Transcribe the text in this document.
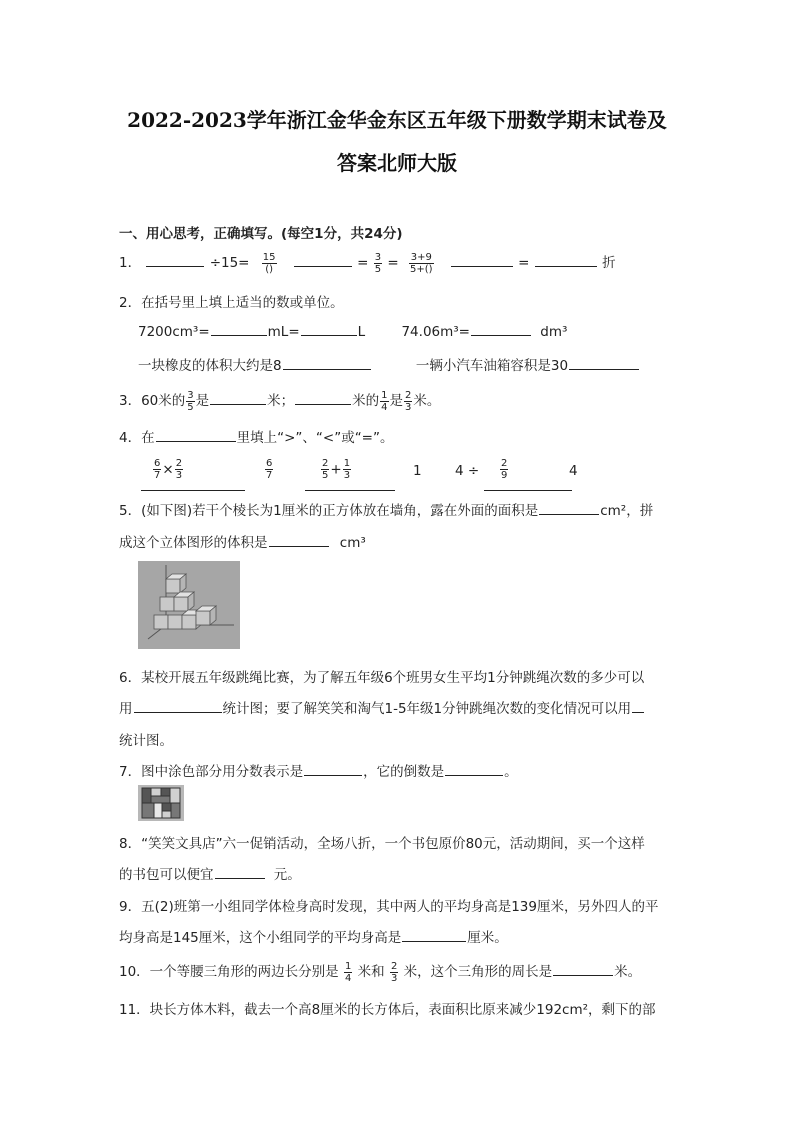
2022-2023学年浙江金华金东区五年级下册数学期末试卷及
答案北师大版
一、用心思考，正确填写。(每空1分，共24分)
1．	$\div 15= \frac{15}{()}$	= $\frac{3}{5} = \frac{3+9}{5+()}$	=	折
2．在括号里上填上适当的数或单位。
7200cm³=	mL=	L	74.06m³=	dm³
一块橡皮的体积大约是8	一辆小汽车油箱容积是30
3．60米的 $\frac{3}{5}$ 是	米；	米的 $\frac{1}{4}$ 是 $\frac{2}{3}$ 米。
4．在	里填上“>”、“<”或“=”。
$\frac{6}{7} \times \frac{2}{3}$	$\frac{6}{7}$	$\frac{2}{5} + \frac{1}{3}$	1 $4 \div \frac{2}{9}$	4
5．(如下图)若干个棱长为1厘米的正方体放在墙角，露在外面的面积是	cm²，拼
成这个立体图形的体积是	cm³
6．某校开展五年级跳绳比赛，为了解五年级6个班男女生平均1分钟跳绳次数的多少可以
用	统计图；要了解笑笑和淘气1-5年级1分钟跳绳次数的变化情况可以用
统计图。
7．图中涂色部分用分数表示是	，它的倒数是	。
8．“笑笑文具店”六一促销活动，全场八折，一个书包原价80元，活动期间，买一个这样
的书包可以便宜	元。
9．五(2)班第一小组同学体检身高时发现，其中两人的平均身高是139厘米，另外四人的平
均身高是145厘米，这个小组同学的平均身高是	厘米。
10．一个等腰三角形的两边长分别是 $\frac{1}{4}$ 米和 $\frac{2}{3}$ 米，这个三角形的周长是	米。
11．块长方体木料，截去一个高8厘米的长方体后，表面积比原来减少192cm²，剩下的部
